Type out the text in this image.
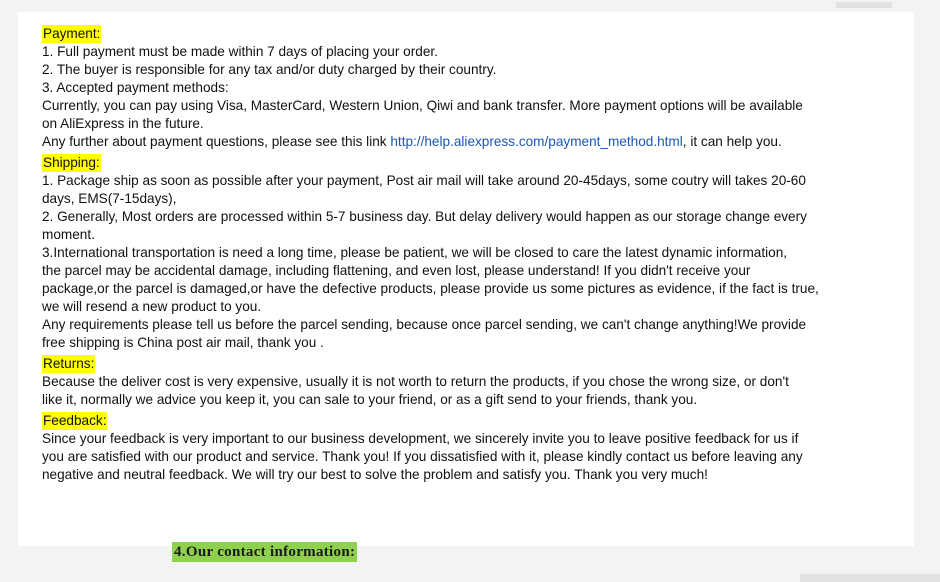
Payment:
1. Full payment must be made within 7 days of placing your order.
2. The buyer is responsible for any tax and/or duty charged by their country.
3. Accepted payment methods:
Currently, you can pay using Visa, MasterCard, Western Union, Qiwi and bank transfer. More payment options will be available
on AliExpress in the future.
Any further about payment questions, please see this link http://help.aliexpress.com/payment_method.html, it can help you.
Shipping:
1. Package ship as soon as possible after your payment, Post air mail will take around 20-45days, some coutry will takes 20-60
days, EMS(7-15days),
2. Generally, Most orders are processed within 5-7 business day. But delay delivery would happen as our storage change every
moment.
3.International transportation is need a long time, please be patient, we will be closed to care the latest dynamic information,
the parcel may be accidental damage, including flattening, and even lost, please understand! If you didn't receive your
package,or the parcel is damaged,or have the defective products, please provide us some pictures as evidence, if the fact is true,
we will resend a new product to you.
Any requirements please tell us before the parcel sending, because once parcel sending, we can't change anything!We provide
free shipping is China post air mail, thank you .
Returns:
Because the deliver cost is very expensive, usually it is not worth to return the products, if you chose the wrong size, or don't
like it, normally we advice you keep it, you can sale to your friend, or as a gift send to your friends, thank you.
Feedback:
Since your feedback is very important to our business development, we sincerely invite you to leave positive feedback for us if
you are satisfied with our product and service. Thank you! If you dissatisfied with it, please kindly contact us before leaving any
negative and neutral feedback. We will try our best to solve the problem and satisfy you. Thank you very much!
4.Our contact information:
